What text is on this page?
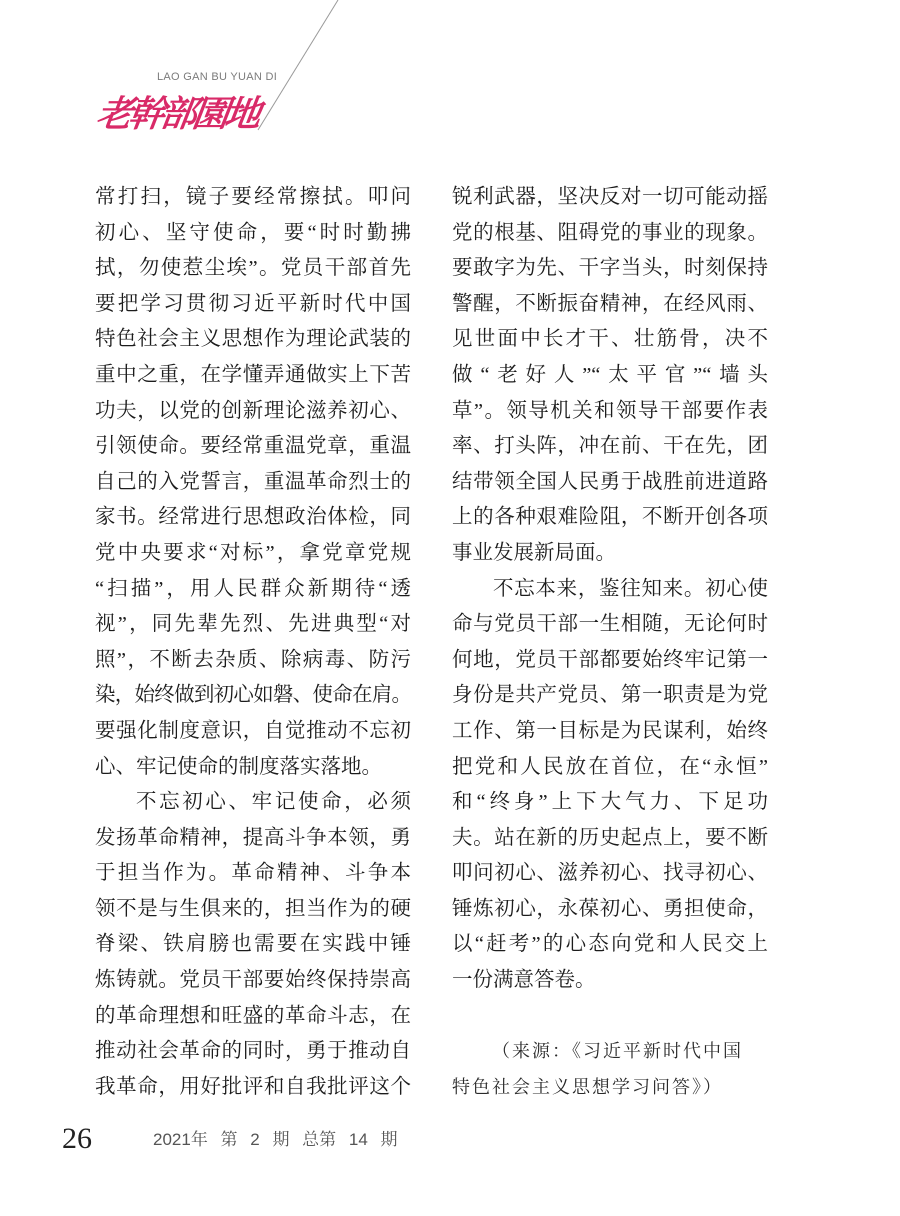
LAO GAN BU YUAN DI
老幹部園地
常打扫，镜子要经常擦拭。叩问
初心、坚守使命，要“时时勤拂
拭，勿使惹尘埃”。党员干部首先
要把学习贯彻习近平新时代中国
特色社会主义思想作为理论武装的
重中之重，在学懂弄通做实上下苦
功夫，以党的创新理论滋养初心、
引领使命。要经常重温党章，重温
自己的入党誓言，重温革命烈士的
家书。经常进行思想政治体检，同
党中央要求“对标”，拿党章党规
“扫描”，用人民群众新期待“透
视”，同先辈先烈、先进典型“对
照”，不断去杂质、除病毒、防污
染，始终做到初心如磐、使命在肩。
要强化制度意识，自觉推动不忘初
心、牢记使命的制度落实落地。
不忘初心、牢记使命，必须
发扬革命精神，提高斗争本领，勇
于担当作为。革命精神、斗争本
领不是与生俱来的，担当作为的硬
脊梁、铁肩膀也需要在实践中锤
炼铸就。党员干部要始终保持崇高
的革命理想和旺盛的革命斗志，在
推动社会革命的同时，勇于推动自
我革命，用好批评和自我批评这个
锐利武器，坚决反对一切可能动摇
党的根基、阻碍党的事业的现象。
要敢字为先、干字当头，时刻保持
警醒，不断振奋精神，在经风雨、
见世面中长才干、壮筋骨，决不
做“老好人”“太平官”“墙头
草”。领导机关和领导干部要作表
率、打头阵，冲在前、干在先，团
结带领全国人民勇于战胜前进道路
上的各种艰难险阻，不断开创各项
事业发展新局面。
不忘本来，鉴往知来。初心使
命与党员干部一生相随，无论何时
何地，党员干部都要始终牢记第一
身份是共产党员、第一职责是为党
工作、第一目标是为民谋利，始终
把党和人民放在首位，在“永恒”
和“终身”上下大气力、下足功
夫。站在新的历史起点上，要不断
叩问初心、滋养初心、找寻初心、
锤炼初心，永葆初心、勇担使命，
以“赶考”的心态向党和人民交上
一份满意答卷。
（来源：《习近平新时代中国
特色社会主义思想学习问答》）
26	2021年 第 2 期 总第 14 期
